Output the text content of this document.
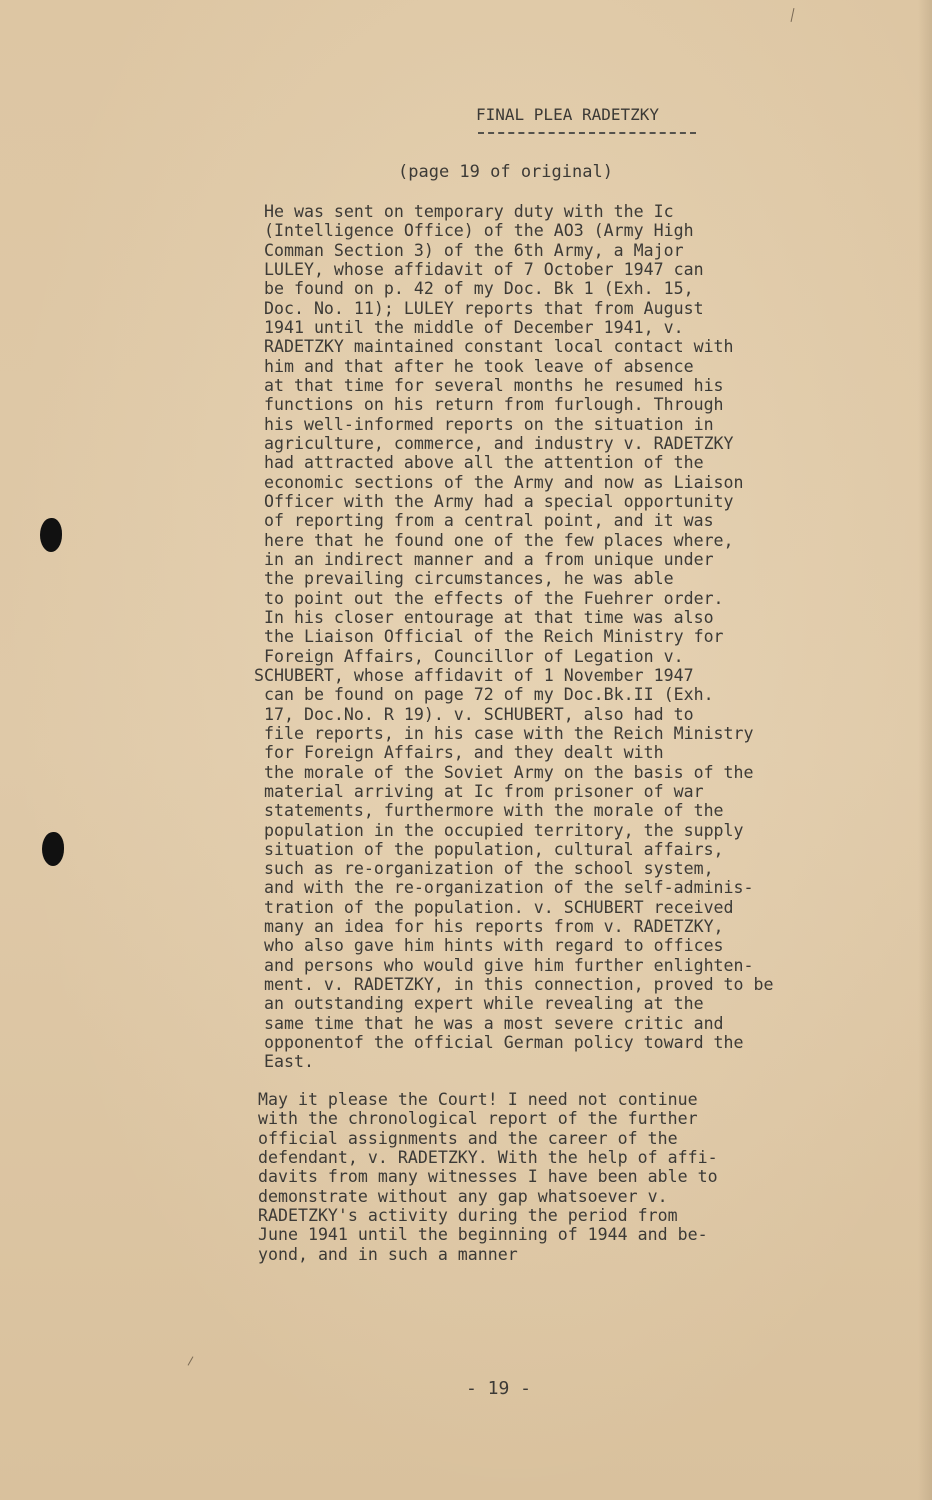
FINAL PLEA RADETZKY
(page 19 of original)
He was sent on temporary duty with the Ic
(Intelligence Office) of the AO3 (Army High
Comman Section 3) of the 6th Army, a Major
LULEY, whose affidavit of 7 October 1947 can
be found on p. 42 of my Doc. Bk 1 (Exh. 15,
Doc. No. 11); LULEY reports that from August
1941 until the middle of December 1941, v.
RADETZKY maintained constant local contact with
him and that after he took leave of absence
at that time for several months he resumed his
functions on his return from furlough. Through
his well-informed reports on the situation in
agriculture, commerce, and industry v. RADETZKY
had attracted above all the attention of the
economic sections of the Army and now as Liaison
Officer with the Army had a special opportunity
of reporting from a central point, and it was
here that he found one of the few places where,
in an indirect manner and a from unique under
the prevailing circumstances, he was able
to point out the effects of the Fuehrer order.
In his closer entourage at that time was also
the Liaison Official of the Reich Ministry for
Foreign Affairs, Councillor of Legation v.
SCHUBERT, whose affidavit of 1 November 1947
can be found on page 72 of my Doc.Bk.II (Exh.
17, Doc.No. R 19). v. SCHUBERT, also had to
file reports, in his case with the Reich Ministry
for Foreign Affairs, and they dealt with
the morale of the Soviet Army on the basis of the
material arriving at Ic from prisoner of war
statements, furthermore with the morale of the
population in the occupied territory, the supply
situation of the population, cultural affairs,
such as re-organization of the school system,
and with the re-organization of the self-adminis-
tration of the population. v. SCHUBERT received
many an idea for his reports from v. RADETZKY,
who also gave him hints with regard to offices
and persons who would give him further enlighten-
ment. v. RADETZKY, in this connection, proved to be
an outstanding expert while revealing at the
same time that he was a most severe critic and
opponentof the official German policy toward the
East.
May it please the Court! I need not continue
with the chronological report of the further
official assignments and the career of the
defendant, v. RADETZKY. With the help of affi-
davits from many witnesses I have been able to
demonstrate without any gap whatsoever v.
RADETZKY's activity during the period from
June 1941 until the beginning of 1944 and be-
yond, and in such a manner
- 19 -
